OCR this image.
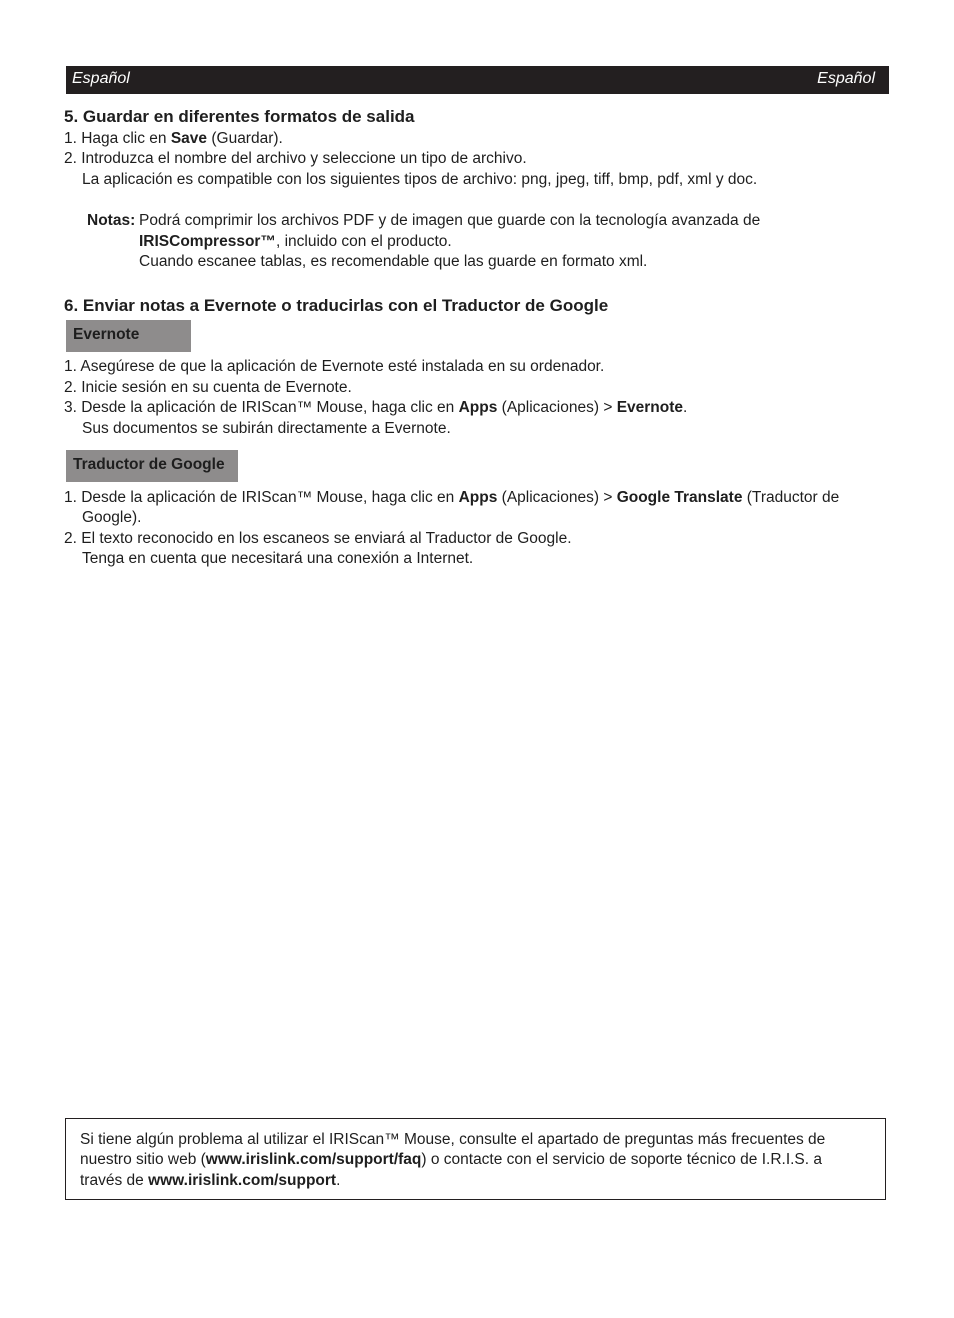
Español	Español
5. Guardar en diferentes formatos de salida
1. Haga clic en Save (Guardar).
2. Introduzca el nombre del archivo y seleccione un tipo de archivo.
La aplicación es compatible con los siguientes tipos de archivo: png, jpeg, tiff, bmp, pdf, xml y doc.
Notas: Podrá comprimir los archivos PDF y de imagen que guarde con la tecnología avanzada de
IRISCompressor™, incluido con el producto.
Cuando escanee tablas, es recomendable que las guarde en formato xml.
6. Enviar notas a Evernote o traducirlas con el Traductor de Google
Evernote
1. Asegúrese de que la aplicación de Evernote esté instalada en su ordenador.
2. Inicie sesión en su cuenta de Evernote.
3. Desde la aplicación de IRIScan™ Mouse, haga clic en Apps (Aplicaciones) > Evernote.
Sus documentos se subirán directamente a Evernote.
Traductor de Google
1. Desde la aplicación de IRIScan™ Mouse, haga clic en Apps (Aplicaciones) > Google Translate (Traductor de
Google).
2. El texto reconocido en los escaneos se enviará al Traductor de Google.
Tenga en cuenta que necesitará una conexión a Internet.
Si tiene algún problema al utilizar el IRIScan™ Mouse, consulte el apartado de preguntas más frecuentes de
nuestro sitio web (www.irislink.com/support/faq) o contacte con el servicio de soporte técnico de I.R.I.S. a
través de www.irislink.com/support.
